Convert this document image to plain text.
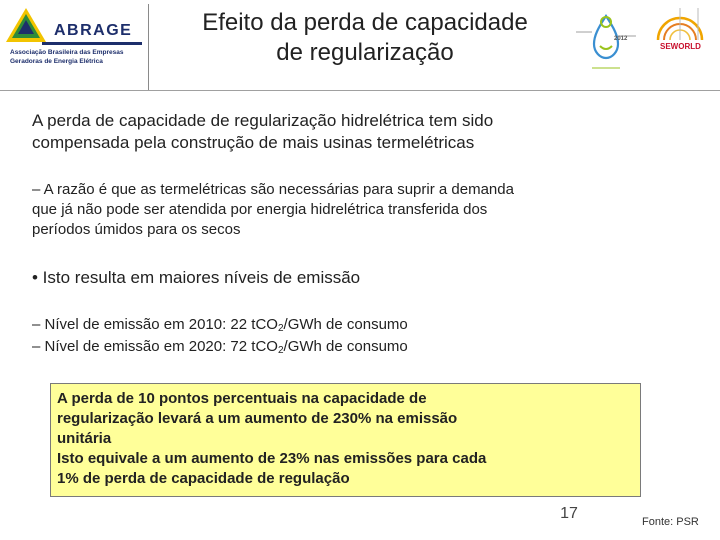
ABRAGE
Associação Brasileira das Empresas
Geradoras de Energia Elétrica
Efeito da perda de capacidade
de regularização	2012
SEWORLD
A perda de capacidade de regularização hidrelétrica tem sido
compensada pela construção de mais usinas termelétricas
– A razão é que as termelétricas são necessárias para suprir a demanda
que já não pode ser atendida por energia hidrelétrica transferida dos
períodos úmidos para os secos
• Isto resulta em maiores níveis de emissão
– Nível de emissão em 2010: 22 tCO$_2$/GWh de consumo
– Nível de emissão em 2020: 72 tCO$_2$/GWh de consumo
A perda de 10 pontos percentuais na capacidade de
regularização levará a um aumento de 230% na emissão
unitária
Isto equivale a um aumento de 23% nas emissões para cada
1% de perda de capacidade de regulação
17	Fonte: PSR
